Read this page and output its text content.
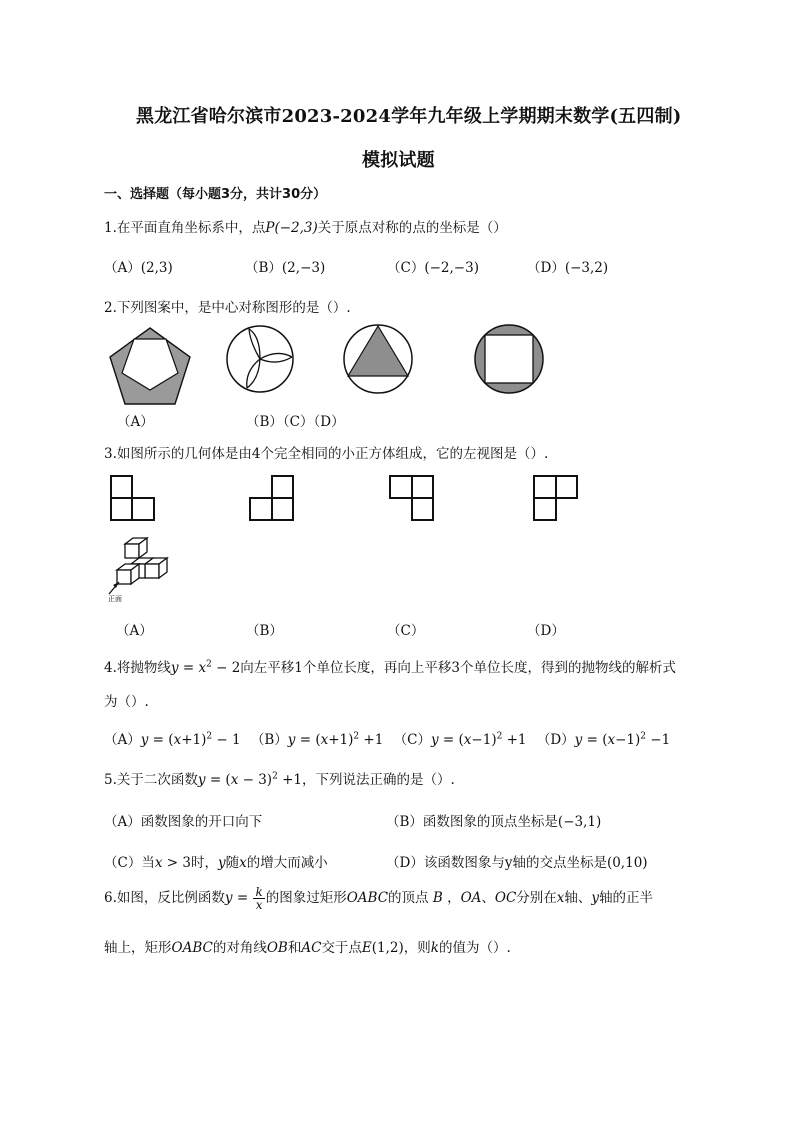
黑龙江省哈尔滨市2023-2024学年九年级上学期期末数学(五四制)
模拟试题
一、选择题（每小题3分，共计30分）
1.在平面直角坐标系中，点P(−2,3)关于原点对称的点的坐标是（）
（A）(2,3)	（B）(2,−3)	（C）(−2,−3)	（D）(−3,2)
2.下列图案中，是中心对称图形的是（）.
（A）	（B）（C）（D）
3.如图所示的几何体是由4个完全相同的小正方体组成，它的左视图是（）.
正面
（A）	（B）	（C）	（D）
4.将抛物线$y = x^2 - 2$向左平移1个单位长度，再向上平移3个单位长度，得到的抛物线的解析式
为（）.
$(A)y = (x+1)^2 - 1$ $(B)y = (x+1)^2 +1$ $(C)y = (x-1)^2 +1$ $(D)y = (x-1)^2 -1$
5.关于二次函数$y = (x - 3)^2 +1$，下列说法正确的是（）.
（A）函数图象的开口向下	（B）函数图象的顶点坐标是(−3,1)
（C）当x > 3时，y随x的增大而减小	（D）该函数图象与y轴的交点坐标是(0,10)
6.如图，反比例函数$y = \frac{k}{x}$ 的图象过矩形OABC的顶点 B ，OA、OC分别在x轴、y轴的正半
轴上，矩形OABC的对角线OB和AC交于点E(1,2)，则k的值为（）.
